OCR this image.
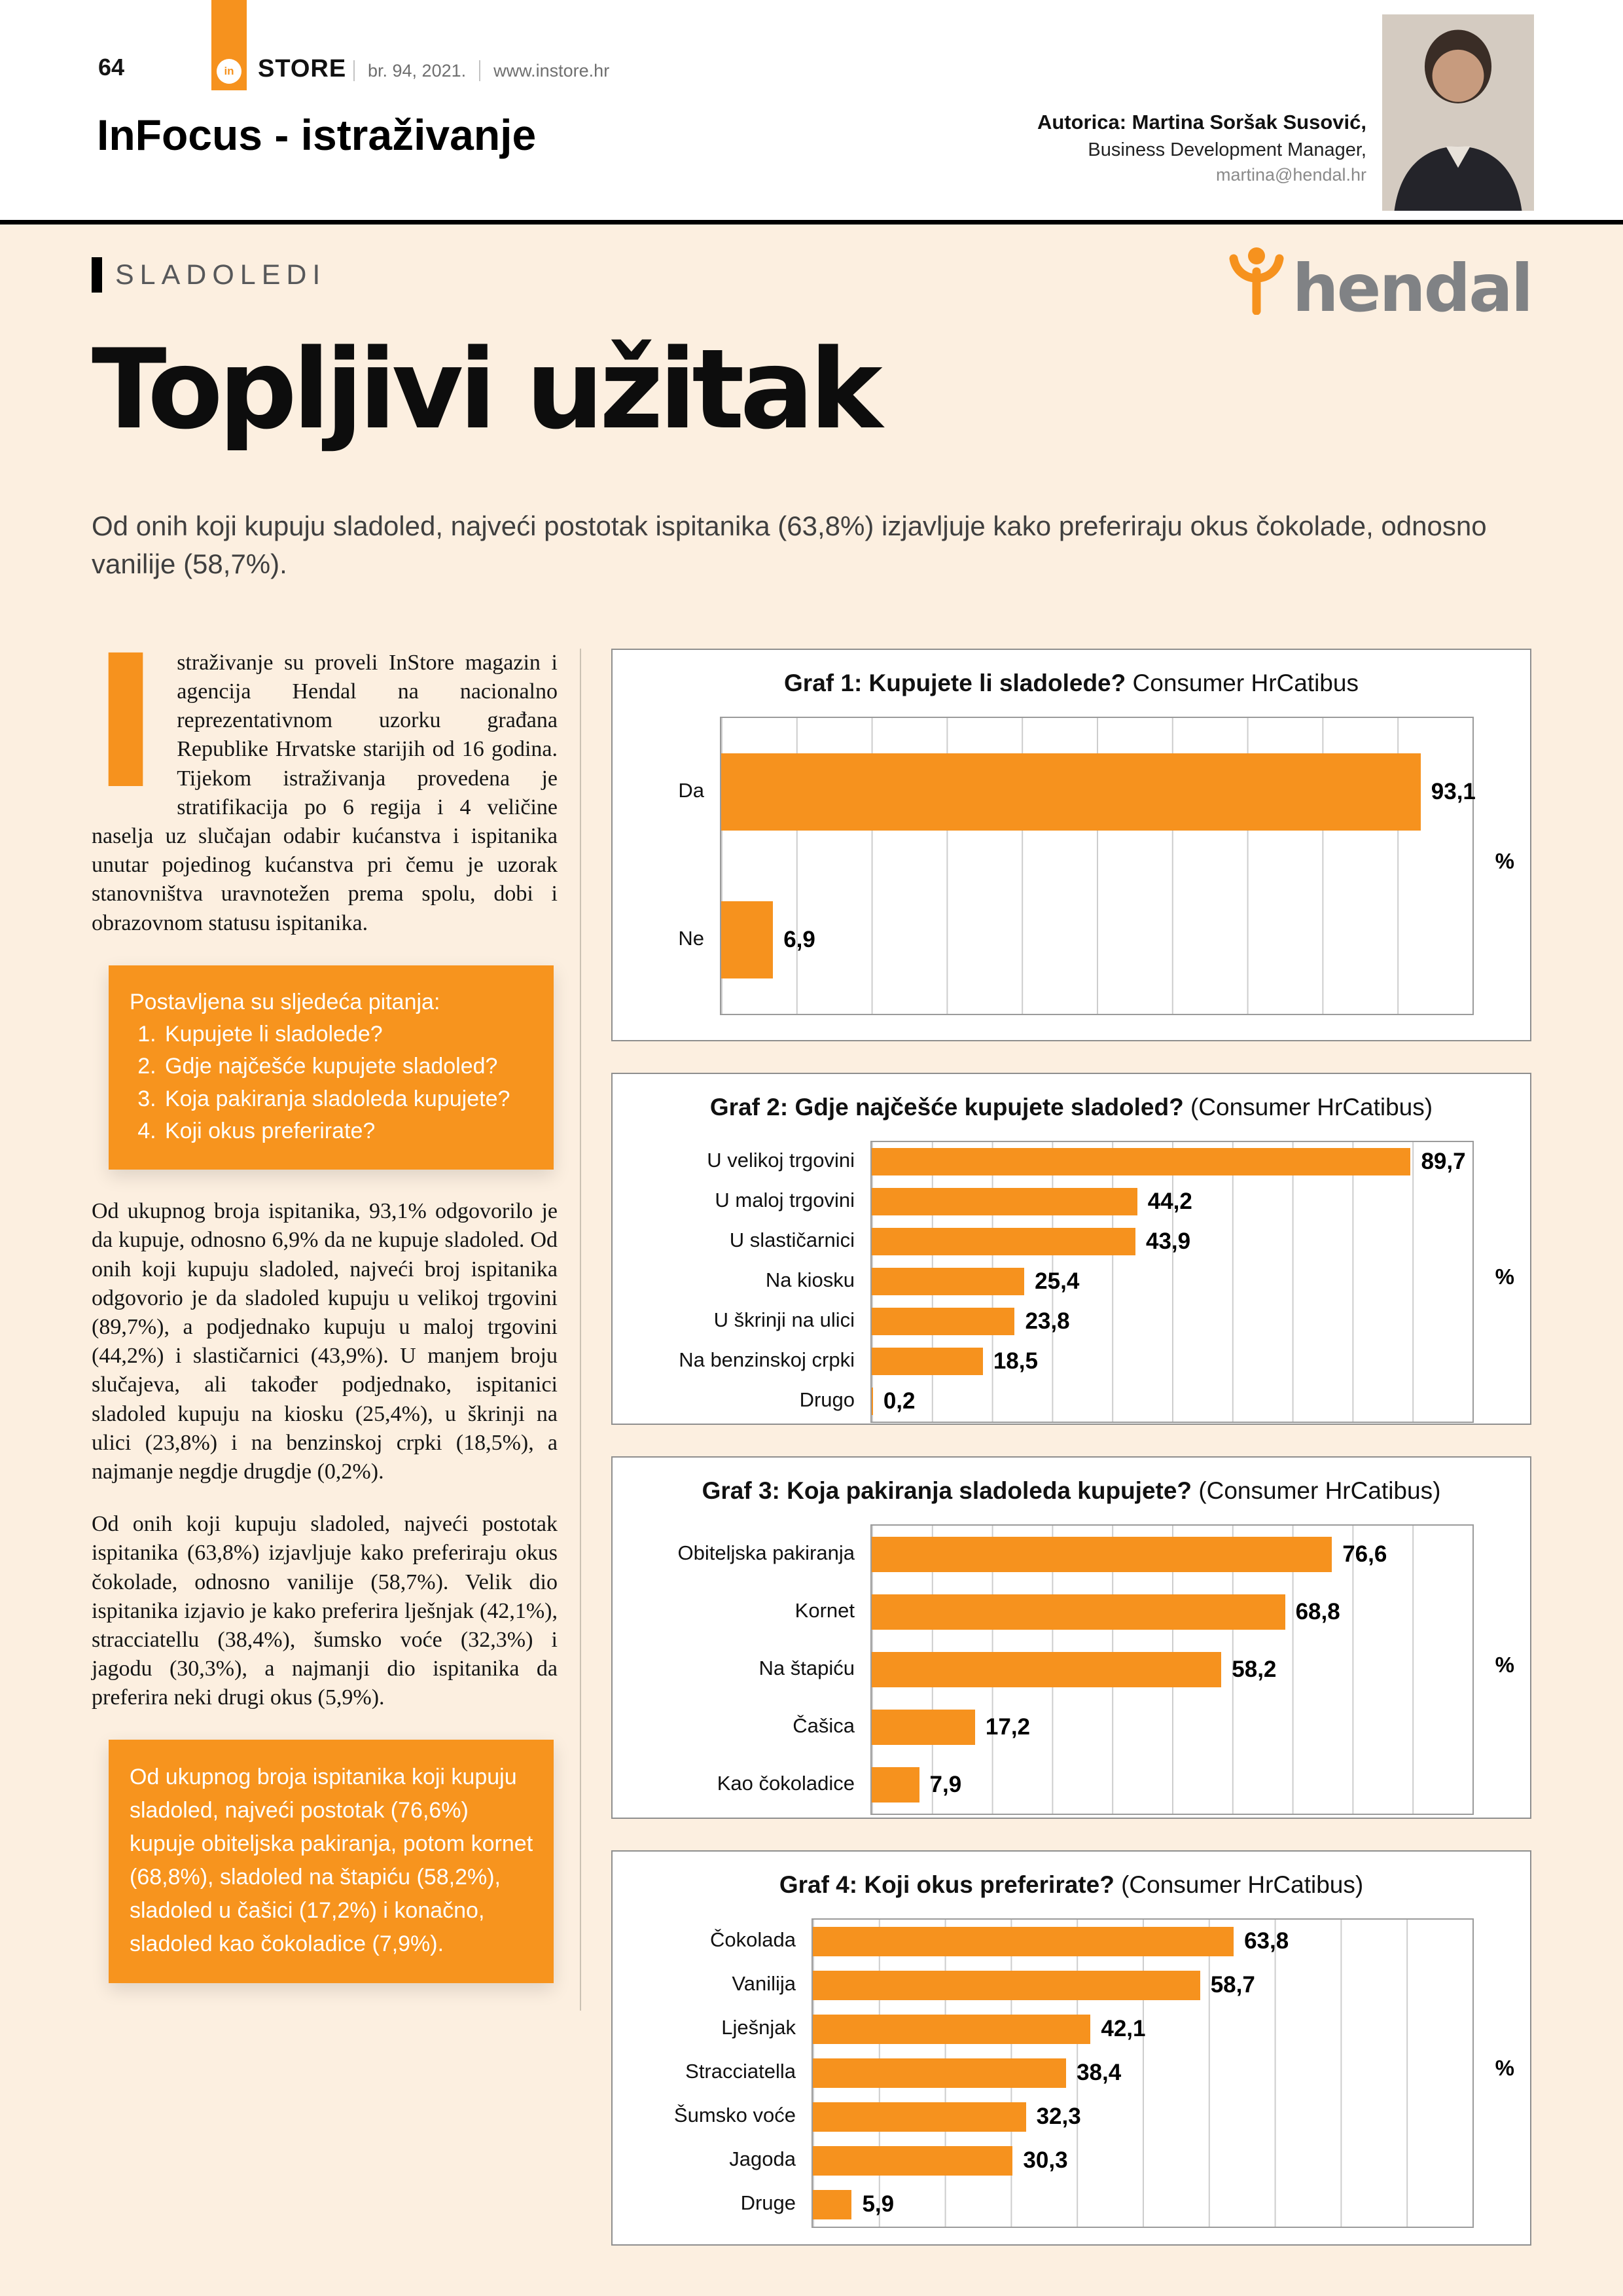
64	in STORE br. 94, 2021. www.instore.hr
InFocus - istraživanje	Autorica: Martina Soršak Susović,
Business Development Manager,
martina@hendal.hr
SLADOLEDI	hendal
Topljivi užitak

Od onih koji kupuju sladoled, najveći postotak ispitanika (63,8%) izjavljuje kako preferiraju okus čokolade, odnosno vanilije (58,7%).

Istraživanje su proveli InStore magazin i agencija Hendal na nacionalno reprezentativnom uzorku građana Republike Hrvatske starijih od 16 godina. Tijekom istraživanja provedena je stratifikacija po 6 regija i 4 veličine naselja uz slučajan odabir kućanstva i ispitanika unutar pojedinog kućanstva pri čemu je uzorak stanovništva uravnotežen prema spolu, dobi i obrazovnom statusu ispitanika.

Postavljena su sljedeća pitanja:
1. Kupujete li sladolede?
2. Gdje najčešće kupujete sladoled?
3. Koja pakiranja sladoleda kupujete?
4. Koji okus preferirate?

Od ukupnog broja ispitanika, 93,1% odgovorilo je da kupuje, odnosno 6,9% da ne kupuje sladoled. Od onih koji kupuju sladoled, najveći broj ispitanika odgovorio je da sladoled kupuju u velikoj trgovini (89,7%), a podjednako kupuju u maloj trgovini (44,2%) i slastičarnici (43,9%). U manjem broju slučajeva, ali također podjednako, ispitanici sladoled kupuju na kiosku (25,4%), u škrinji na ulici (23,8%) i na benzinskoj crpki (18,5%), a najmanje negdje drugdje (0,2%).

Od onih koji kupuju sladoled, najveći postotak ispitanika (63,8%) izjavljuje kako preferiraju okus čokolade, odnosno vanilije (58,7%). Velik dio ispitanika izjavio je kako preferira lješnjak (42,1%), stracciatellu (38,4%), šumsko voće (32,3%) i jagodu (30,3%), a najmanji dio ispitanika da preferira neki drugi okus (5,9%).

Od ukupnog broja ispitanika koji kupuju sladoled, najveći postotak (76,6%) kupuje obiteljska pakiranja, potom kornet (68,8%), sladoled na štapiću (58,2%), sladoled u čašici (17,2%) i konačno, sladoled kao čokoladice (7,9%).

Graf 1: Kupujete li sladolede? Consumer HrCatibus
Da
Ne
93,1
6,9
%
Graf 2: Gdje najčešće kupujete sladoled? (Consumer HrCatibus)
U velikoj trgovini
U maloj trgovini
U slastičarnici
Na kiosku
U škrinji na ulici
Na benzinskoj crpki
Drugo
89,7
44,2
43,9
25,4
23,8
18,5
0,2
%
Graf 3: Koja pakiranja sladoleda kupujete? (Consumer HrCatibus)
Obiteljska pakiranja
Kornet
Na štapiću
Čašica
Kao čokoladice
76,6
68,8
58,2
17,2
7,9
%
Graf 4: Koji okus preferirate? (Consumer HrCatibus)
Čokolada
Vanilija
Lješnjak
Stracciatella
Šumsko voće
Jagoda
Druge
63,8
58,7
42,1
38,4
32,3
30,3
5,9
%
